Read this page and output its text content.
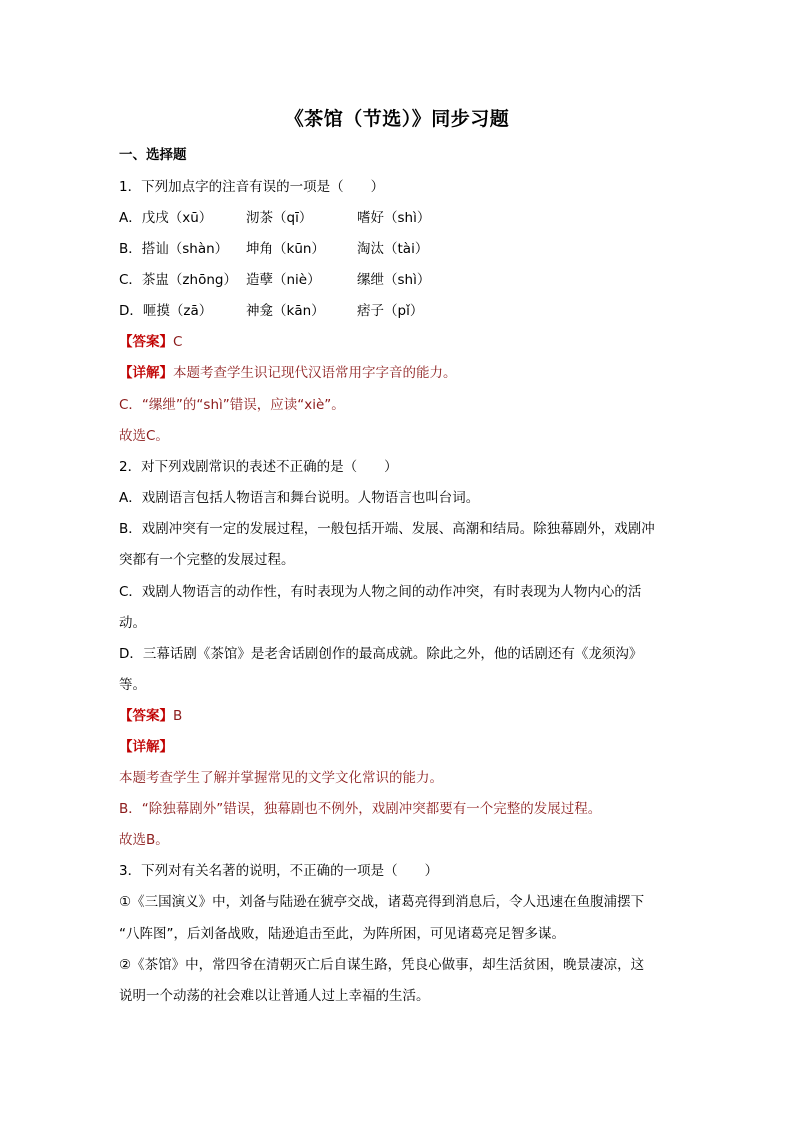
《茶馆（节选）》同步习题
一、选择题
1．下列加点字的注音有误的一项是（　　）
A．戊戌（xū） 沏茶（qī）	嗜好（shì）
B．搭讪（shàn） 坤角（kūn） 淘汰（tài）
C．茶盅（zhōng） 造孽（niè）	缧绁（shì）
D．咂摸（zā） 神龛（kān） 痞子（pǐ）
【答案】C
【详解】本题考查学生识记现代汉语常用字字音的能力。
C．“缧绁”的“shì”错误，应读“xiè”。
故选C。
2．对下列戏剧常识的表述不正确的是（　　）
A．戏剧语言包括人物语言和舞台说明。人物语言也叫台词。
B．戏剧冲突有一定的发展过程，一般包括开端、发展、高潮和结局。除独幕剧外，戏剧冲
突都有一个完整的发展过程。
C．戏剧人物语言的动作性，有时表现为人物之间的动作冲突，有时表现为人物内心的活
动。
D．三幕话剧《茶馆》是老舍话剧创作的最高成就。除此之外，他的话剧还有《龙须沟》
等。
【答案】B
【详解】
本题考查学生了解并掌握常见的文学文化常识的能力。
B．“除独幕剧外”错误，独幕剧也不例外，戏剧冲突都要有一个完整的发展过程。
故选B。
3．下列对有关名著的说明，不正确的一项是（　　）
①《三国演义》中，刘备与陆逊在猇亭交战，诸葛亮得到消息后，令人迅速在鱼腹浦摆下
“八阵图”，后刘备战败，陆逊追击至此，为阵所困，可见诸葛亮足智多谋。
②《茶馆》中，常四爷在清朝灭亡后自谋生路，凭良心做事，却生活贫困，晚景凄凉，这
说明一个动荡的社会难以让普通人过上幸福的生活。
